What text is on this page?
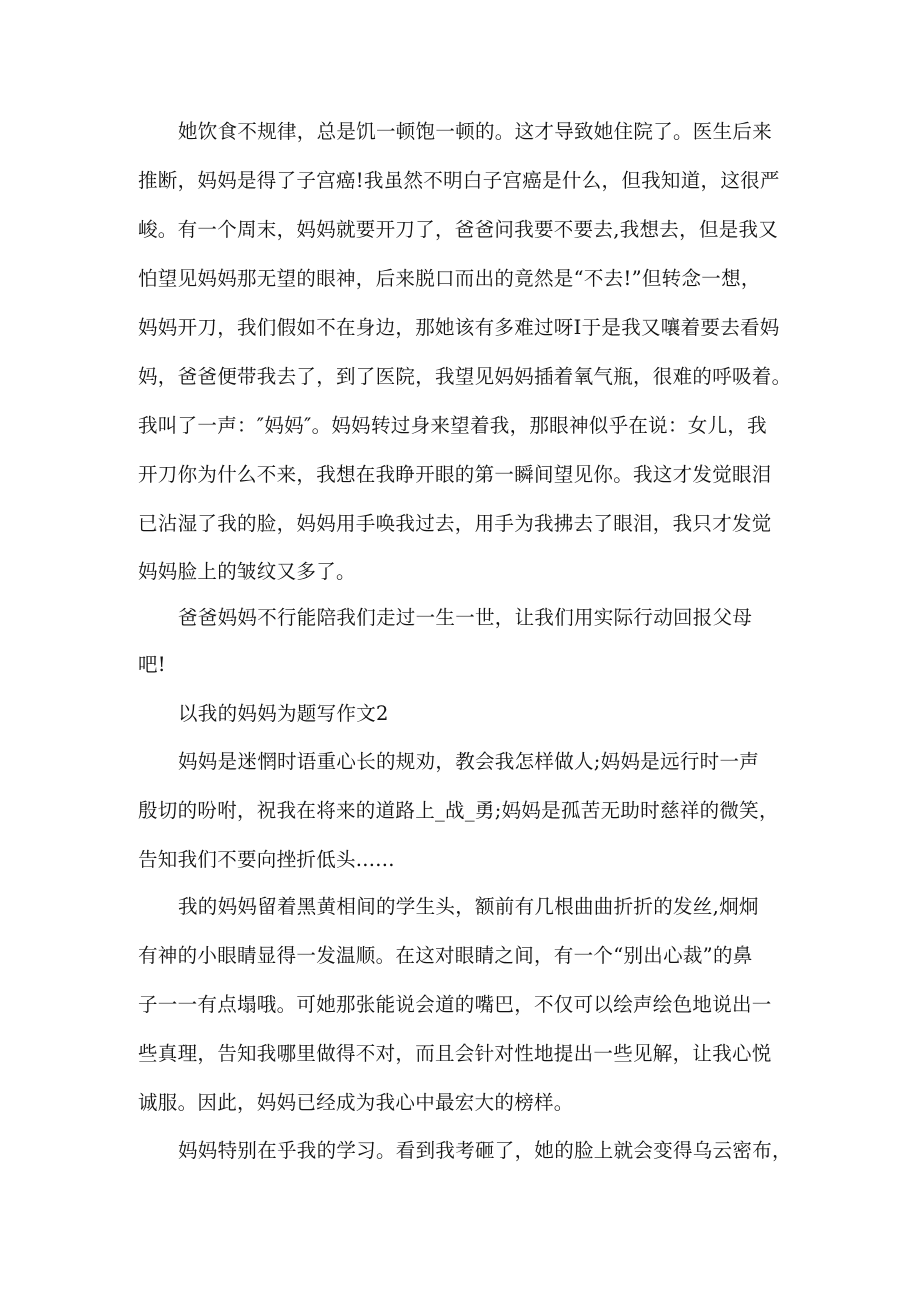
她饮食不规律，总是饥一顿饱一顿的。这才导致她住院了。医生后来

推断，妈妈是得了子宫癌!我虽然不明白子宫癌是什么，但我知道，这很严

峻。有一个周末，妈妈就要开刀了，爸爸问我要不要去,我想去，但是我又

怕望见妈妈那无望的眼神，后来脱口而出的竟然是“不去!”但转念一想，

妈妈开刀，我们假如不在身边，那她该有多难过呀I于是我又嚷着要去看妈

妈，爸爸便带我去了，到了医院，我望见妈妈插着氧气瓶，很难的呼吸着。

我叫了一声：″妈妈″。妈妈转过身来望着我，那眼神似乎在说：女儿，我

开刀你为什么不来，我想在我睁开眼的第一瞬间望见你。我这才发觉眼泪

已沾湿了我的脸，妈妈用手唤我过去，用手为我拂去了眼泪，我只才发觉

妈妈脸上的皱纹又多了。

爸爸妈妈不行能陪我们走过一生一世，让我们用实际行动回报父母

吧!

以我的妈妈为题写作文2

妈妈是迷惘时语重心长的规劝，教会我怎样做人;妈妈是远行时一声

殷切的吩咐，祝我在将来的道路上_战_勇;妈妈是孤苦无助时慈祥的微笑，

告知我们不要向挫折低头......

我的妈妈留着黑黄相间的学生头，额前有几根曲曲折折的发丝,炯炯

有神的小眼睛显得一发温顺。在这对眼睛之间，有一个“别出心裁”的鼻

子一一有点塌哦。可她那张能说会道的嘴巴，不仅可以绘声绘色地说出一

些真理，告知我哪里做得不对，而且会针对性地提出一些见解，让我心悦

诚服。因此，妈妈已经成为我心中最宏大的榜样。

妈妈特别在乎我的学习。看到我考砸了，她的脸上就会变得乌云密布，
